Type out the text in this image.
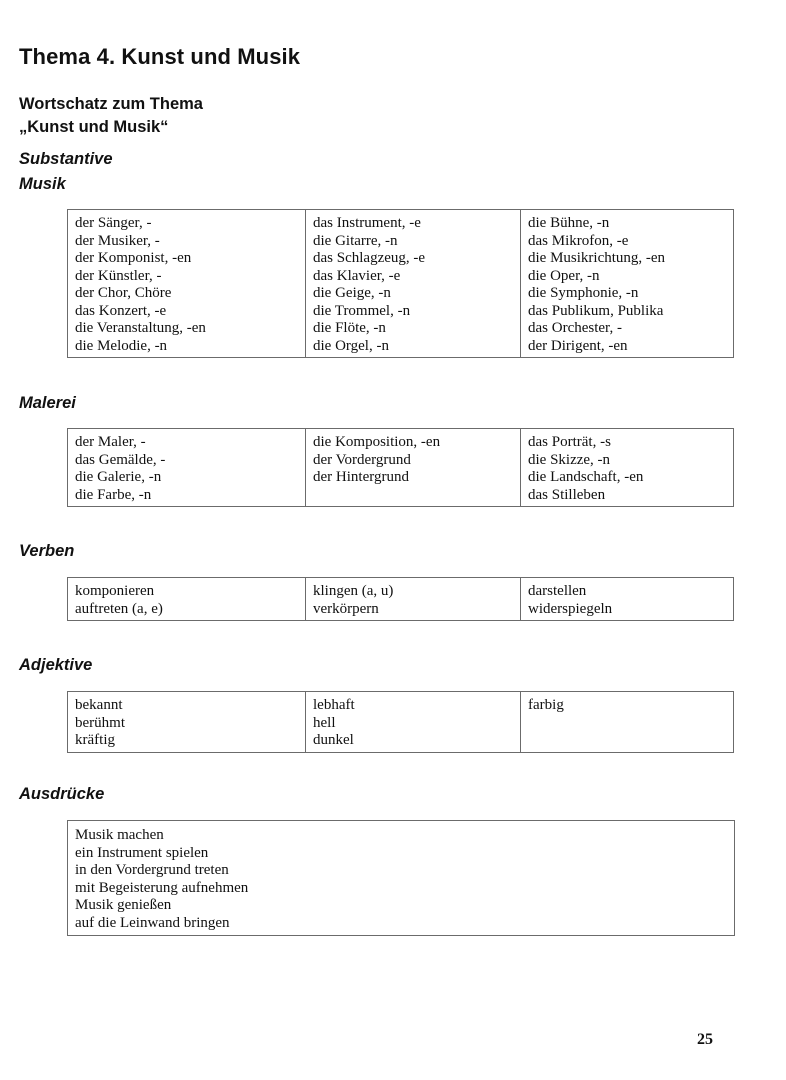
Thema 4. Kunst und Musik
Wortschatz zum Thema
„Kunst und Musik“
Substantive
Musik
der Sänger, -
der Musiker, -
der Komponist, -en
der Künstler, -
der Chor, Chöre
das Konzert, -e
die Veranstaltung, -en
die Melodie, -n

das Instrument, -e
die Gitarre, -n
das Schlagzeug, -e
das Klavier, -e
die Geige, -n
die Trommel, -n
die Flöte, -n
die Orgel, -n

die Bühne, -n
das Mikrofon, -e
die Musikrichtung, -en
die Oper, -n
die Symphonie, -n
das Publikum, Publika
das Orchester, -
der Dirigent, -en
Malerei
der Maler, -
das Gemälde, -
die Galerie, -n
die Farbe, -n

die Komposition, -en
der Vordergrund
der Hintergrund

das Porträt, -s
die Skizze, -n
die Landschaft, -en
das Stilleben
Verben
komponieren
auftreten (a, e)

klingen (a, u)
verkörpern

darstellen
widerspiegeln
Adjektive
bekannt
berühmt
kräftig

lebhaft
hell
dunkel

farbig
Ausdrücke
Musik machen
ein Instrument spielen
in den Vordergrund treten
mit Begeisterung aufnehmen
Musik genießen
auf die Leinwand bringen
25
